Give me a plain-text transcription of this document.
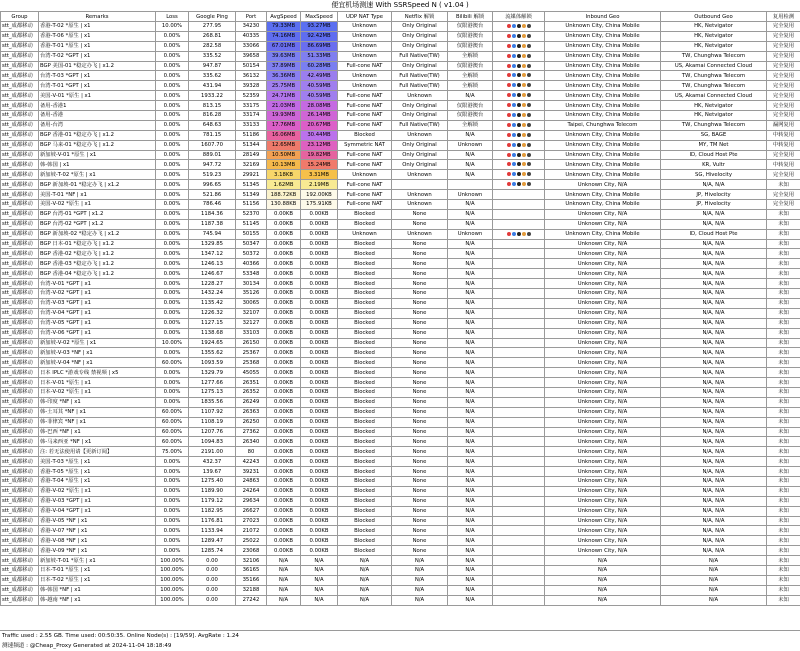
便宜机场测速 With SSRSpeed N ( v1.04 )
Group	Remarks	Loss	Google Ping	Port	AvgSpeed	MaxSpeed	UDP NAT Type	Netflix 解锁	Bilibili 解锁	流媒体解锁	Inbound Geo	Outbound Geo	复用检测
stt_成都移动	香港-T-02 *原生 | x1	10.00%	277.95	34230	79.33MB	93.27MB	Unknown	Only Original	仅限港澳台		Unknown City, China Mobile	HK, Netvigator	完全复用
stt_成都移动	香港-T-06 *原生 | x1	0.00%	268.81	40335	74.16MB	92.42MB	Unknown	Only Original	仅限港澳台		Unknown City, China Mobile	HK, Netvigator	完全复用
stt_成都移动	香港-T-01 *原生 | x1	0.00%	282.58	33066	67.01MB	86.69MB	Unknown	Only Original	仅限港澳台		Unknown City, China Mobile	HK, Netvigator	完全复用
stt_成都移动	台湾-T-02 *GPT | x1	0.00%	335.52	39658	39.63MB	51.33MB	Unknown	Full Native(TW)	全解锁		Unknown City, China Mobile	TW, Chunghwa Telecom	完全复用
stt_成都移动	BGP 美国-01 *稳定办飞 | x1.2	0.00%	947.87	50154	37.89MB	60.28MB	Full-cone NAT	Only Original	仅限港澳台		Unknown City, China Mobile	US, Akamai Connected Cloud	完全复用
stt_成都移动	台湾-T-03 *GPT | x1	0.00%	335.62	36132	36.36MB	42.49MB	Unknown	Full Native(TW)	全解锁		Unknown City, China Mobile	TW, Chunghwa Telecom	完全复用
stt_成都移动	台湾-T-01 *GPT | x1	0.00%	431.94	39328	25.75MB	40.59MB	Unknown	Full Native(TW)	全解锁		Unknown City, China Mobile	TW, Chunghwa Telecom	完全复用
stt_成都移动	美国-V-01 *原生 | x1	0.00%	1933.22	52359	24.71MB	40.59MB	Full-cone NAT	Unknown	N/A		Unknown City, China Mobile	US, Akamai Connected Cloud	完全复用
stt_成都移动	备用-香港1	0.00%	813.15	33175	21.03MB	28.08MB	Full-cone NAT	Only Original	仅限港澳台		Unknown City, China Mobile	HK, Netvigator	完全复用
stt_成都移动	备用-香港	0.00%	816.28	33174	19.93MB	26.14MB	Full-cone NAT	Only Original	仅限港澳台		Unknown City, China Mobile	HK, Netvigator	完全复用
stt_成都移动	备用-台湾	0.00%	648.63	33133	17.76MB	20.67MB	Full-cone NAT	Full Native(TW)	全解锁		Taipei, Chunghwa Telecom	TW, Chunghwa Telecom	漏网复用
stt_成都移动	BGP 香港-01 *稳定办飞 | x1.2	0.00%	781.15	51186	16.06MB	30.44MB	Blocked	Unknown	N/A		Unknown City, China Mobile	SG, BAGE	中转复用
stt_成都移动	BGP 马来-01 *稳定办飞 | x1.2	0.00%	1607.70	51344	12.65MB	23.12MB	Symmetric NAT	Only Original	Unknown		Unknown City, China Mobile	MY, TM Net	中转复用
stt_成都移动	新加坡-V-01 *原生 | x1	0.00%	889.01	28149	10.50MB	19.82MB	Full-cone NAT	Only Original	N/A		Unknown City, China Mobile	ID, Cloud Host Pte	完全复用
stt_成都移动	韩-韩国 | x1	0.00%	947.72	32169	10.13MB	15.24MB	Full-cone NAT	Only Original	N/A		Unknown City, China Mobile	KR, Vultr	中转复用
stt_成都移动	新加坡-T-02 *原生 | x1	0.00%	519.23	29921	3.18KB	3.31MB	Unknown	Unknown	N/A		Unknown City, China Mobile	SG, Hivelocity	完全复用
stt_成都移动	BGP 新加坡-01 *稳定办飞 | x1.2	0.00%	996.65	51345	1.62MB	2.19MB	Full-cone NAT				Unknown City, N/A	N/A, N/A	未知
stt_成都移动	美国-T-01 *NF | x1	0.00%	521.86	51349	188.72KB	192.00KB	Full-cone NAT	Unknown	Unknown		Unknown City, China Mobile	JP, Hivelocity	完全复用
stt_成都移动	美国-V-02 *原生 | x1	0.00%	786.46	51156	130.88KB	175.91KB	Full-cone NAT	Unknown	N/A		Unknown City, China Mobile	JP, Hivelocity	完全复用
stt_成都移动	BGP 台湾-01 *GPT | x1.2	0.00%	1184.36	52370	0.00KB	0.00KB	Blocked	None	N/A		Unknown City, N/A	N/A, N/A	未知
stt_成都移动	BGP 台湾-02 *GPT | x1.2	0.00%	1187.38	51145	0.00KB	0.00KB	Blocked	None	N/A		Unknown City, N/A	N/A, N/A	未知
stt_成都移动	BGP 新加坡-02 *稳定办飞 | x1.2	0.00%	745.94	50155	0.00KB	0.00KB	Unknown	Unknown	Unknown		Unknown City, China Mobile	ID, Cloud Host Pte	未知
stt_成都移动	BGP 日本-01 *稳定办飞 | x1.2	0.00%	1329.85	50347	0.00KB	0.00KB	Blocked	None	N/A		Unknown City, N/A	N/A, N/A	未知
stt_成都移动	BGP 香港-02 *稳定办飞 | x1.2	0.00%	1347.12	50372	0.00KB	0.00KB	Blocked	None	N/A		Unknown City, N/A	N/A, N/A	未知
stt_成都移动	BGP 香港-03 *稳定办飞 | x1.2	0.00%	1246.13	40366	0.00KB	0.00KB	Blocked	None	N/A		Unknown City, N/A	N/A, N/A	未知
stt_成都移动	BGP 香港-04 *稳定办飞 | x1.2	0.00%	1246.67	53348	0.00KB	0.00KB	Blocked	None	N/A		Unknown City, N/A	N/A, N/A	未知
stt_成都移动	台湾-V-01 *GPT | x1	0.00%	1228.27	30134	0.00KB	0.00KB	Blocked	None	N/A		Unknown City, N/A	N/A, N/A	未知
stt_成都移动	台湾-V-02 *GPT | x1	0.00%	1432.24	35126	0.00KB	0.00KB	Blocked	None	N/A		Unknown City, N/A	N/A, N/A	未知
stt_成都移动	台湾-V-03 *GPT | x1	0.00%	1135.42	30065	0.00KB	0.00KB	Blocked	None	N/A		Unknown City, N/A	N/A, N/A	未知
stt_成都移动	台湾-V-04 *GPT | x1	0.00%	1226.32	32107	0.00KB	0.00KB	Blocked	None	N/A		Unknown City, N/A	N/A, N/A	未知
stt_成都移动	台湾-V-05 *GPT | x1	0.00%	1127.15	32127	0.00KB	0.00KB	Blocked	None	N/A		Unknown City, N/A	N/A, N/A	未知
stt_成都移动	台湾-V-06 *GPT | x1	0.00%	1138.68	33103	0.00KB	0.00KB	Blocked	None	N/A		Unknown City, N/A	N/A, N/A	未知
stt_成都移动	新加坡-V-02 *原生 | x1	10.00%	1924.65	26150	0.00KB	0.00KB	Blocked	None	N/A		Unknown City, N/A	N/A, N/A	未知
stt_成都移动	新加坡-V-03 *NF | x1	0.00%	1355.62	25367	0.00KB	0.00KB	Blocked	None	N/A		Unknown City, N/A	N/A, N/A	未知
stt_成都移动	新加坡-V-04 *NF | x1	60.00%	1093.59	25368	0.00KB	0.00KB	Blocked	None	N/A		Unknown City, N/A	N/A, N/A	未知
stt_成都移动	日本 IPLC *游戏专线 禁视频 | x5	0.00%	1329.79	45055	0.00KB	0.00KB	Blocked	None	N/A		Unknown City, N/A	N/A, N/A	未知
stt_成都移动	日本-V-01 *原生 | x1	0.00%	1277.66	26351	0.00KB	0.00KB	Blocked	None	N/A		Unknown City, N/A	N/A, N/A	未知
stt_成都移动	日本-V-02 *原生 | x1	0.00%	1275.13	26352	0.00KB	0.00KB	Blocked	None	N/A		Unknown City, N/A	N/A, N/A	未知
stt_成都移动	韩-印度 *NF | x1	0.00%	1835.56	26249	0.00KB	0.00KB	Blocked	None	N/A		Unknown City, N/A	N/A, N/A	未知
stt_成都移动	韩-土耳其 *NF | x1	60.00%	1107.92	26363	0.00KB	0.00KB	Blocked	None	N/A		Unknown City, N/A	N/A, N/A	未知
stt_成都移动	韩-菲律宾 *NF | x1	60.00%	1108.19	26250	0.00KB	0.00KB	Blocked	None	N/A		Unknown City, N/A	N/A, N/A	未知
stt_成都移动	韩-巴西 *NF | x1	60.00%	1207.76	27362	0.00KB	0.00KB	Blocked	None	N/A		Unknown City, N/A	N/A, N/A	未知
stt_成都移动	韩-马来西亚 *NF | x1	60.00%	1094.83	26340	0.00KB	0.00KB	Blocked	None	N/A		Unknown City, N/A	N/A, N/A	未知
stt_成都移动	注: 若无法使用请【更新订阅】	75.00%	2191.00	80	0.00KB	0.00KB	Blocked	None	N/A		Unknown City, N/A	N/A, N/A	未知
stt_成都移动	美国-T-03 *原生 | x1	0.00%	432.37	42243	0.00KB	0.00KB	Blocked	None	N/A		Unknown City, N/A	N/A, N/A	未知
stt_成都移动	香港-T-05 *原生 | x1	0.00%	139.67	39231	0.00KB	0.00KB	Blocked	None	N/A		Unknown City, N/A	N/A, N/A	未知
stt_成都移动	香港-T-04 *原生 | x1	0.00%	1275.40	24863	0.00KB	0.00KB	Blocked	None	N/A		Unknown City, N/A	N/A, N/A	未知
stt_成都移动	香港-V-02 *原生 | x1	0.00%	1189.90	24264	0.00KB	0.00KB	Blocked	None	N/A		Unknown City, N/A	N/A, N/A	未知
stt_成都移动	香港-V-03 *GPT | x1	0.00%	1179.12	29634	0.00KB	0.00KB	Blocked	None	N/A		Unknown City, N/A	N/A, N/A	未知
stt_成都移动	香港-V-04 *GPT | x1	0.00%	1182.95	26627	0.00KB	0.00KB	Blocked	None	N/A		Unknown City, N/A	N/A, N/A	未知
stt_成都移动	香港-V-05 *NF | x1	0.00%	1176.81	27023	0.00KB	0.00KB	Blocked	None	N/A		Unknown City, N/A	N/A, N/A	未知
stt_成都移动	香港-V-07 *NF | x1	0.00%	1133.94	21072	0.00KB	0.00KB	Blocked	None	N/A		Unknown City, N/A	N/A, N/A	未知
stt_成都移动	香港-V-08 *NF | x1	0.00%	1289.47	25022	0.00KB	0.00KB	Blocked	None	N/A		Unknown City, N/A	N/A, N/A	未知
stt_成都移动	香港-V-09 *NF | x1	0.00%	1285.74	23068	0.00KB	0.00KB	Blocked	None	N/A		Unknown City, N/A	N/A, N/A	未知
stt_成都移动	新加坡-T-01 *原生 | x1	100.00%	0.00	32106	N/A	N/A	N/A	N/A	N/A		N/A	N/A	未知
stt_成都移动	日本-T-01 *原生 | x1	100.00%	0.00	36165	N/A	N/A	N/A	N/A	N/A		N/A	N/A	未知
stt_成都移动	日本-T-02 *原生 | x1	100.00%	0.00	35166	N/A	N/A	N/A	N/A	N/A		N/A	N/A	未知
stt_成都移动	韩-韩国 *NF | x1	100.00%	0.00	32188	N/A	N/A	N/A	N/A	N/A		N/A	N/A	未知
stt_成都移动	韩-越南 *NF | x1	100.00%	0.00	27242	N/A	N/A	N/A	N/A	N/A		N/A	N/A	未知
Traffic used : 2.55 GB. Time used: 00:50:35. Online Node(s) : [19/59]. AvgRate : 1.24
测速频道 : @Cheap_Proxy Generated at 2024-11-04 18:18:49
